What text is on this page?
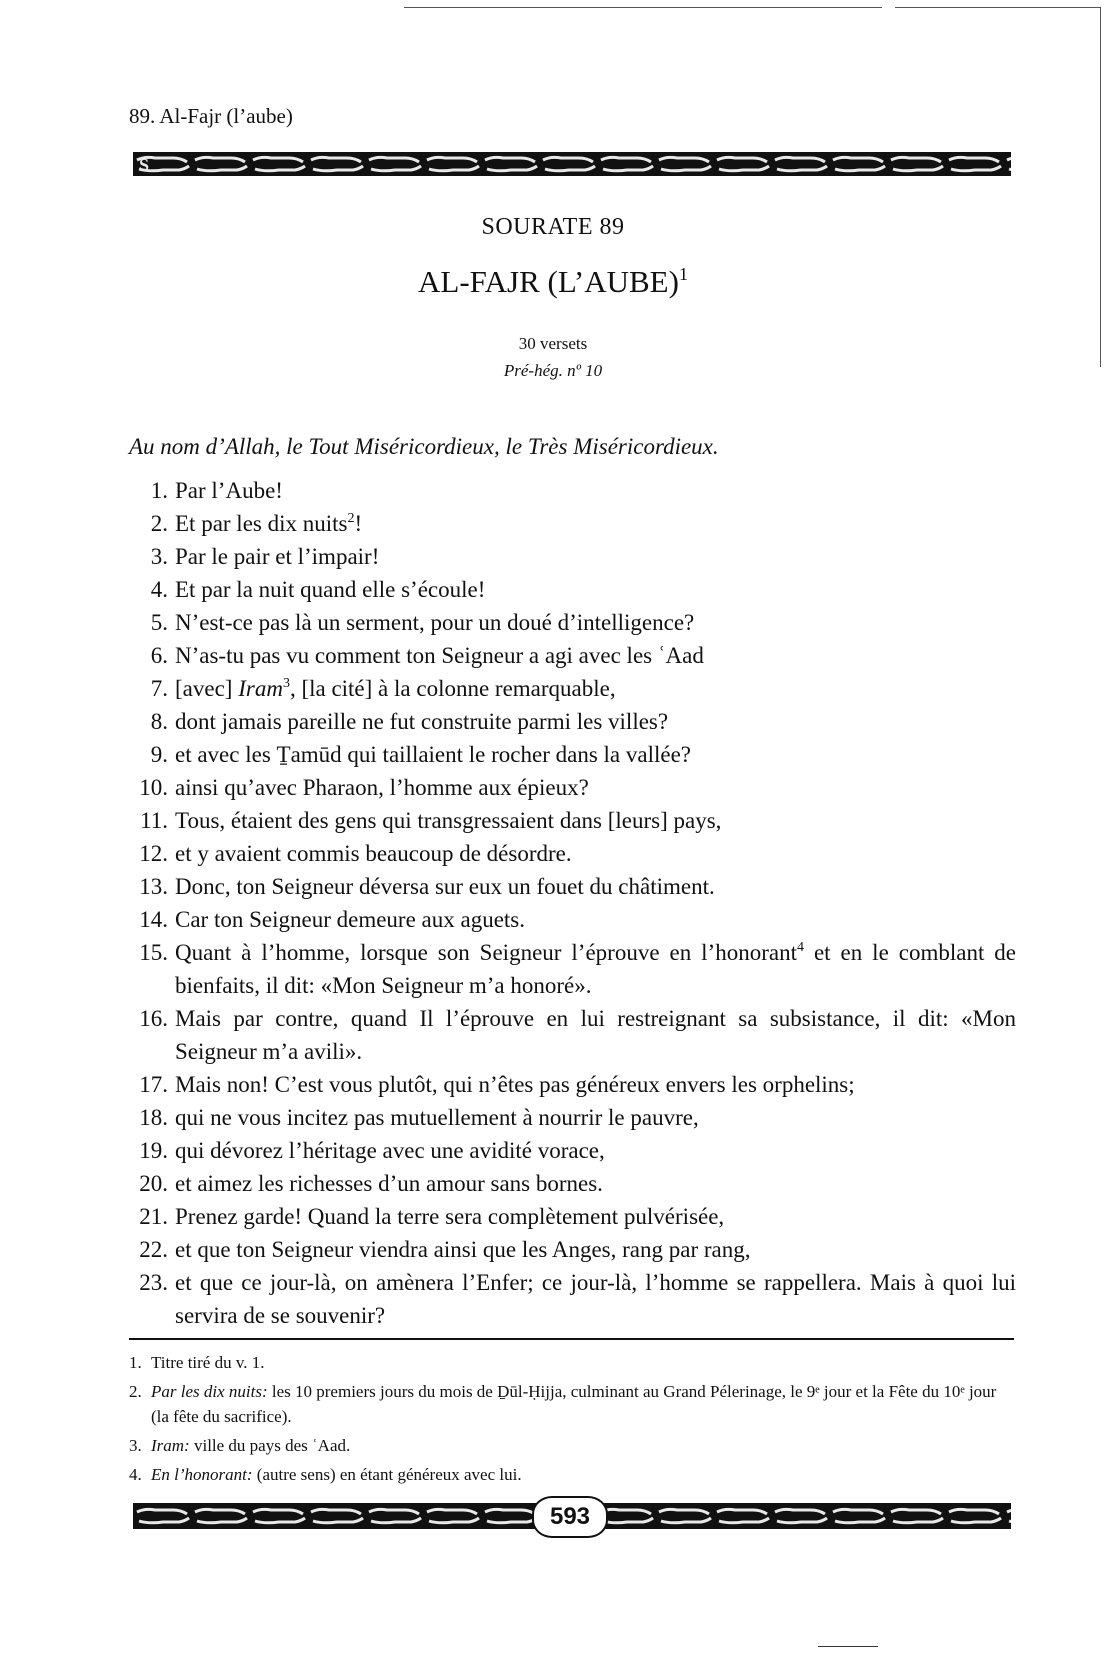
89. Al-Fajr (l’aube)
S
SOURATE 89
AL-FAJR (L’AUBE)$^1$
30 versets
Pré-hég. nº 10
Au nom d’Allah, le Tout Miséricordieux, le Très Miséricordieux.
1. Par l’Aube!
2. Et par les dix nuits$^2$!
3. Par le pair et l’impair!
4. Et par la nuit quand elle s’écoule!
5. N’est-ce pas là un serment, pour un doué d’intelligence?
6. N’as-tu pas vu comment ton Seigneur a agi avec les ʿAad
7. [avec] Iram$^3$, [la cité] à la colonne remarquable,
8. dont jamais pareille ne fut construite parmi les villes?
9. et avec les Ṯamūd qui taillaient le rocher dans la vallée?
10. ainsi qu’avec Pharaon, l’homme aux épieux?
11. Tous, étaient des gens qui transgressaient dans [leurs] pays,
12. et y avaient commis beaucoup de désordre.
13. Donc, ton Seigneur déversa sur eux un fouet du châtiment.
14. Car ton Seigneur demeure aux aguets.
15. Quant à l’homme, lorsque son Seigneur l’éprouve en l’honorant$^4$ et en le comblant de bienfaits, il dit: «Mon Seigneur m’a honoré».
16. Mais par contre, quand Il l’éprouve en lui restreignant sa subsistance, il dit: «Mon Seigneur m’a avili».
17. Mais non! C’est vous plutôt, qui n’êtes pas généreux envers les orphelins;
18. qui ne vous incitez pas mutuellement à nourrir le pauvre,
19. qui dévorez l’héritage avec une avidité vorace,
20. et aimez les richesses d’un amour sans bornes.
21. Prenez garde! Quand la terre sera complètement pulvérisée,
22. et que ton Seigneur viendra ainsi que les Anges, rang par rang,
23. et que ce jour-là, on amènera l’Enfer; ce jour-là, l’homme se rappellera. Mais à quoi lui servira de se souvenir?
1. Titre tiré du v. 1.
2. Par les dix nuits: les 10 premiers jours du mois de Ḏūl-Ḥijja, culminant au Grand Pélerinage, le 9ᵉ jour et la Fête du 10ᵉ jour (la fête du sacrifice).
3. Iram: ville du pays des ʿAad.
4. En l’honorant: (autre sens) en étant généreux avec lui.
593
